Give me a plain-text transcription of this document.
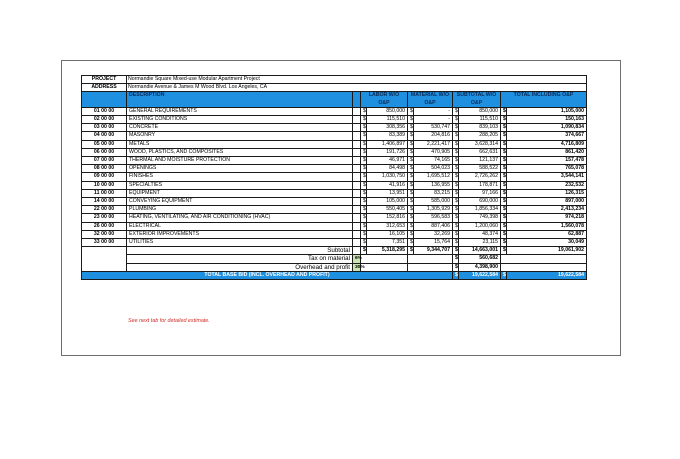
PROJECT	Normandie Square Mixed-use Modular Apartment Project									
ADDRESS	Normandie Avenue & James M Wood Blvd. Los Angeles, CA									
	DESCRIPTION		LABOR W/O O&P		MATERIAL W/O O&P		SUBTOTAL W/O O&P		TOTAL INCLUDING O&P	
01 00 00	GENERAL REQUIREMENTS		$	850,000	$	-	$	850,000	$	1,105,000
02 00 00	EXISTING CONDITIONS		$	115,510	$	-	$	115,510	$	150,163
03 00 00	CONCRETE		$	308,356	$	530,747	$	839,103	$	1,090,834
04 00 00	MASONRY		$	83,389	$	204,816	$	288,205	$	374,667
05 00 00	METALS		$	1,406,897	$	2,221,417	$	3,628,314	$	4,716,809
06 00 00	WOOD, PLASTICS, AND COMPOSITES		$	191,726	$	470,905	$	662,631	$	861,420
07 00 00	THERMAL AND MOISTURE PROTECTION		$	46,971	$	74,165	$	121,137	$	157,478
08 00 00	OPENINGS		$	84,498	$	504,023	$	588,522	$	765,078
09 00 00	FINISHES		$	1,030,750	$	1,695,512	$	2,726,262	$	3,544,141
10 00 00	SPECIALTIES		$	41,916	$	136,955	$	178,871	$	232,532
11 00 00	EQUIPMENT		$	13,951	$	83,215	$	97,166	$	126,315
14 00 00	CONVEYING EQUIPMENT		$	105,000	$	585,000	$	690,000	$	897,000
22 00 00	PLUMBING		$	550,405	$	1,305,929	$	1,856,334	$	2,413,234
23 00 00	HEATING, VENTILATING, AND AIR CONDITIONING (HVAC)		$	152,816	$	596,583	$	749,398	$	974,218
26 00 00	ELECTRICAL		$	312,653	$	887,406	$	1,200,060	$	1,560,078
32 00 00	EXTERIOR IMPROVEMENTS		$	16,105	$	32,269	$	48,374	$	62,887
33 00 00	UTILITIES		$	7,351	$	15,764	$	23,115	$	30,049
	Subtotal		$	5,318,295	$	9,344,707	$	14,663,001	$	19,061,902
	Tax on material	6%					$	560,682		
	Overhead and profit	30%					$	4,398,900		
TOTAL BASE BID (INCL. OVERHEAD AND PROFIT)							$	19,622,584	$	19,622,584
See next tab for detailed estimate.
